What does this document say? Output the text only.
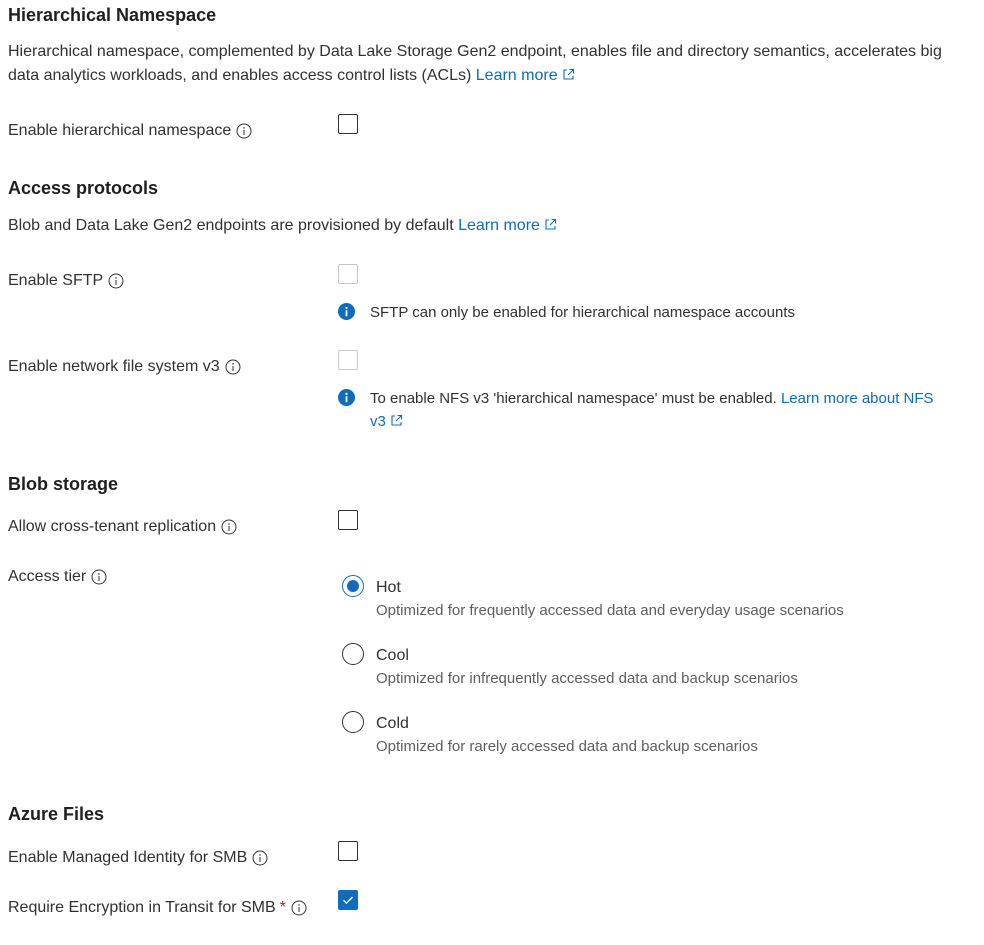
Hierarchical Namespace
Hierarchical namespace, complemented by Data Lake Storage Gen2 endpoint, enables file and directory semantics, accelerates big data analytics workloads, and enables access control lists (ACLs) Learn more
Enable hierarchical namespace
Access protocols
Blob and Data Lake Gen2 endpoints are provisioned by default Learn more
Enable SFTP
SFTP can only be enabled for hierarchical namespace accounts
Enable network file system v3
To enable NFS v3 'hierarchical namespace' must be enabled. Learn more about NFS v3
Blob storage
Allow cross-tenant replication
Access tier
Hot
Optimized for frequently accessed data and everyday usage scenarios
Cool
Optimized for infrequently accessed data and backup scenarios
Cold
Optimized for rarely accessed data and backup scenarios
Azure Files
Enable Managed Identity for SMB
Require Encryption in Transit for SMB *
